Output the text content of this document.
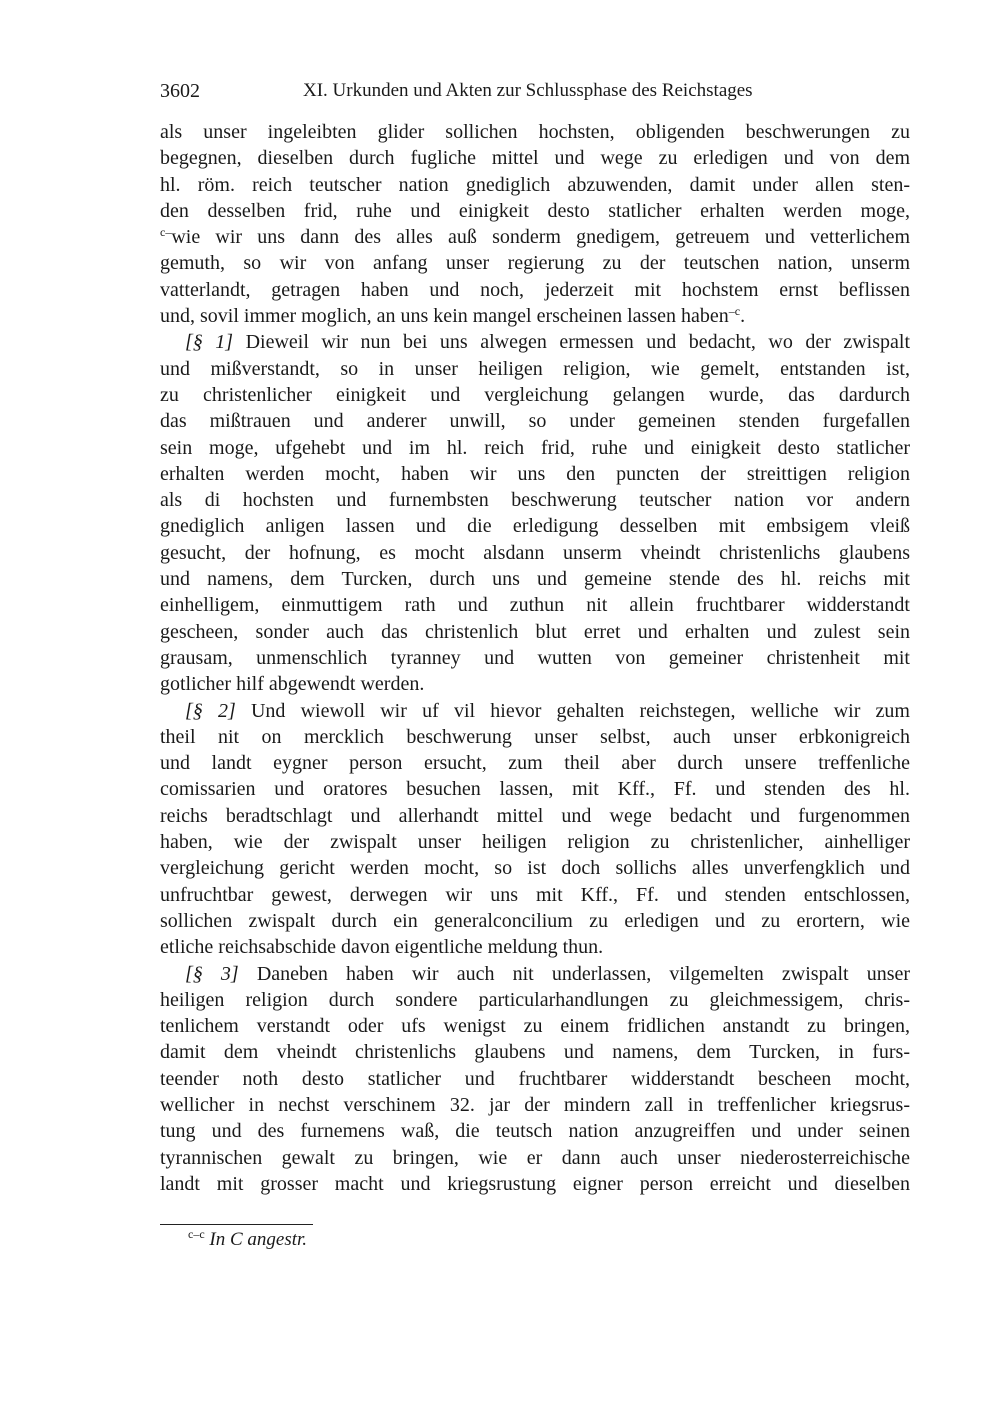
3602	XI. Urkunden und Akten zur Schlussphase des Reichstages
als unser ingeleibten glider sollichen hochsten, obligenden beschwerungen zu
begegnen, dieselben durch fugliche mittel und wege zu erledigen und von dem
hl. röm. reich teutscher nation gnediglich abzuwenden, damit under allen sten-
den desselben frid, ruhe und einigkeit desto statlicher erhalten werden moge,
$^{c-}$wie wir uns dann des alles auß sonderm gnedigem, getreuem und vetterlichem
gemuth, so wir von anfang unser regierung zu der teutschen nation, unserm
vatterlandt, getragen haben und noch, jederzeit mit hochstem ernst beflissen
und, sovil immer moglich, an uns kein mangel erscheinen lassen haben$^{-c}$.
[§ 1] Dieweil wir nun bei uns alwegen ermessen und bedacht, wo der zwispalt
und mißverstandt, so in unser heiligen religion, wie gemelt, entstanden ist,
zu christenlicher einigkeit und vergleichung gelangen wurde, das dardurch
das mißtrauen und anderer unwill, so under gemeinen stenden furgefallen
sein moge, ufgehebt und im hl. reich frid, ruhe und einigkeit desto statlicher
erhalten werden mocht, haben wir uns den puncten der streittigen religion
als di hochsten und furnembsten beschwerung teutscher nation vor andern
gnediglich anligen lassen und die erledigung desselben mit embsigem vleiß
gesucht, der hofnung, es mocht alsdann unserm vheindt christenlichs glaubens
und namens, dem Turcken, durch uns und gemeine stende des hl. reichs mit
einhelligem, einmuttigem rath und zuthun nit allein fruchtbarer widderstandt
gescheen, sonder auch das christenlich blut erret und erhalten und zulest sein
grausam, unmenschlich tyranney und wutten von gemeiner christenheit mit
gotlicher hilf abgewendt werden.
[§ 2] Und wiewoll wir uf vil hievor gehalten reichstegen, welliche wir zum
theil nit on mercklich beschwerung unser selbst, auch unser erbkonigreich
und landt eygner person ersucht, zum theil aber durch unsere treffenliche
comissarien und oratores besuchen lassen, mit Kff., Ff. und stenden des hl.
reichs beradtschlagt und allerhandt mittel und wege bedacht und furgenommen
haben, wie der zwispalt unser heiligen religion zu christenlicher, ainhelliger
vergleichung gericht werden mocht, so ist doch sollichs alles unverfengklich und
unfruchtbar gewest, derwegen wir uns mit Kff., Ff. und stenden entschlossen,
sollichen zwispalt durch ein generalconcilium zu erledigen und zu erortern, wie
etliche reichsabschide davon eigentliche meldung thun.
[§ 3] Daneben haben wir auch nit underlassen, vilgemelten zwispalt unser
heiligen religion durch sondere particularhandlungen zu gleichmessigem, chris-
tenlichem verstandt oder ufs wenigst zu einem fridlichen anstandt zu bringen,
damit dem vheindt christenlichs glaubens und namens, dem Turcken, in furs-
teender noth desto statlicher und fruchtbarer widderstandt bescheen mocht,
wellicher in nechst verschinem 32. jar der mindern zall in treffenlicher kriegsrus-
tung und des furnemens waß, die teutsch nation anzugreiffen und under seinen
tyrannischen gewalt zu bringen, wie er dann auch unser niederosterreichische
landt mit grosser macht und kriegsrustung eigner person erreicht und dieselben
$^{c-c}$ In C angestr.
